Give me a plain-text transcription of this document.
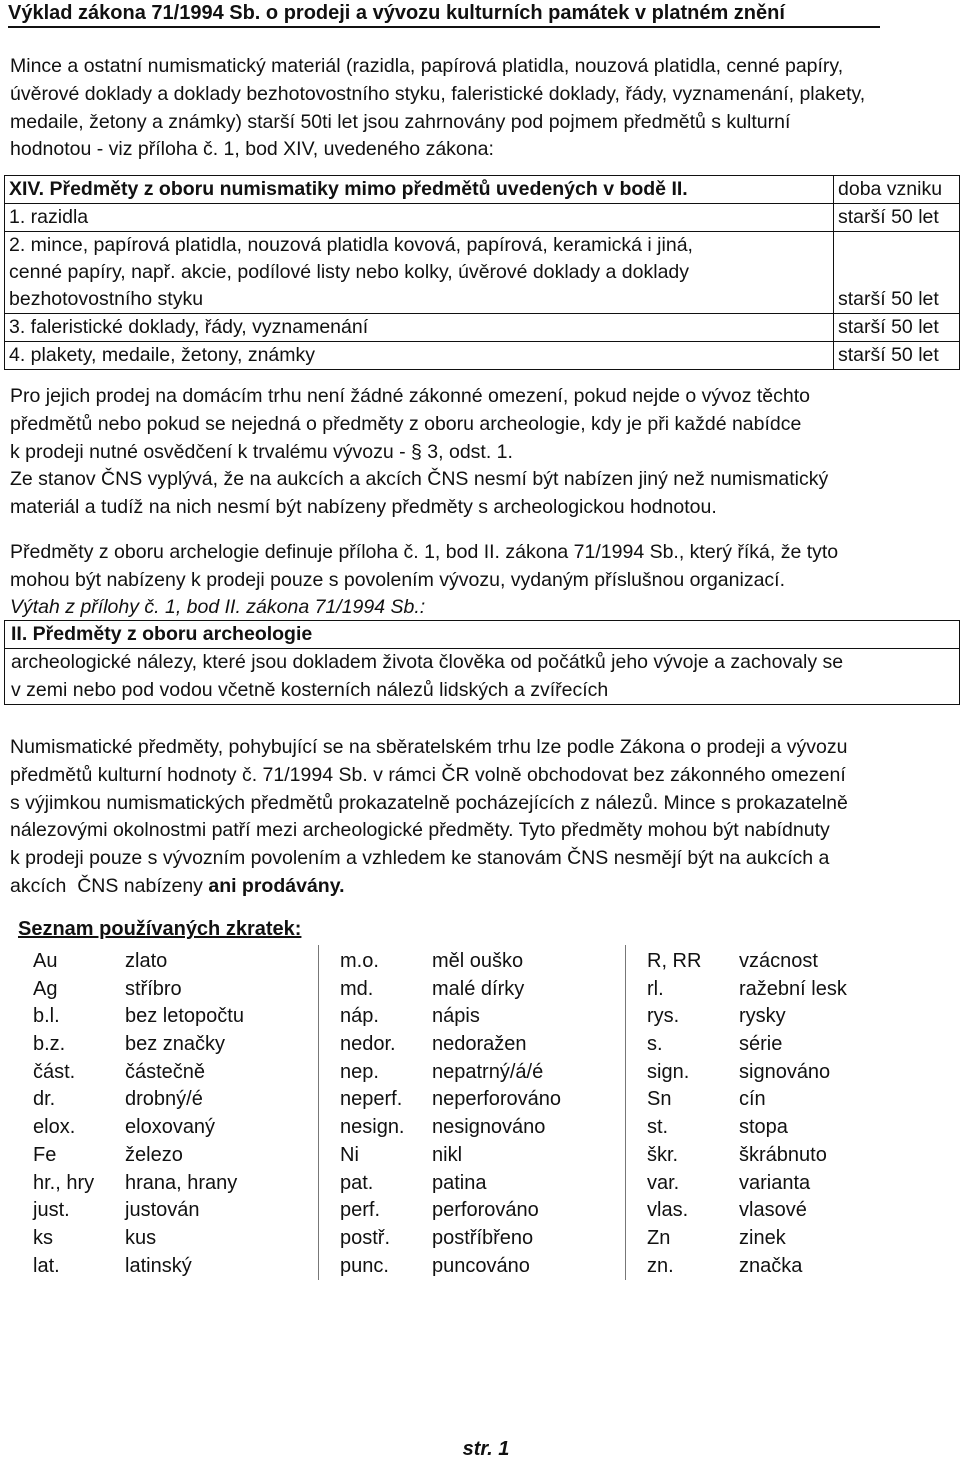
Výklad zákona 71/1994 Sb. o prodeji a vývozu kulturních památek v platném znění
Mince a ostatní numismatický materiál (razidla, papírová platidla, nouzová platidla, cenné papíry,
úvěrové doklady a doklady bezhotovostního styku, faleristické doklady, řády, vyznamenání, plakety,
medaile, žetony a známky) starší 50ti let jsou zahrnovány pod pojmem předmětů s kulturní
hodnotou - viz příloha č. 1, bod XIV, uvedeného zákona:
XIV. Předměty z oboru numismatiky mimo předmětů uvedených v bodě II.	doba vzniku

1. razidla	starší 50 let

2. mince, papírová platidla, nouzová platidla kovová, papírová, keramická i jiná,
cenné papíry, např. akcie, podílové listy nebo kolky, úvěrové doklady a doklady
bezhotovostního styku	starší 50 let

3. faleristické doklady, řády, vyznamenání	starší 50 let

4. plakety, medaile, žetony, známky	starší 50 let
Pro jejich prodej na domácím trhu není žádné zákonné omezení, pokud nejde o vývoz těchto
předmětů nebo pokud se nejedná o předměty z oboru archeologie, kdy je při každé nabídce
k prodeji nutné osvědčení k trvalému vývozu - § 3, odst. 1.
Ze stanov ČNS vyplývá, že na aukcích a akcích ČNS nesmí být nabízen jiný než numismatický
materiál a tudíž na nich nesmí být nabízeny předměty s archeologickou hodnotou.
Předměty z oboru archelogie definuje příloha č. 1, bod II. zákona 71/1994 Sb., který říká, že tyto
mohou být nabízeny k prodeji pouze s povolením vývozu, vydaným příslušnou organizací.
Výtah z přílohy č. 1, bod II. zákona 71/1994 Sb.:
II. Předměty z oboru archeologie
archeologické nálezy, které jsou dokladem života člověka od počátků jeho vývoje a zachovaly se
v zemi nebo pod vodou včetně kosterních nálezů lidských a zvířecích
Numismatické předměty, pohybující se na sběratelském trhu lze podle Zákona o prodeji a vývozu
předmětů kulturní hodnoty č. 71/1994 Sb. v rámci ČR volně obchodovat bez zákonného omezení
s výjimkou numismatických předmětů prokazatelně pocházejících z nálezů. Mince s prokazatelně
nálezovými okolnostmi patří mezi archeologické předměty. Tyto předměty mohou být nabídnuty
k prodeji pouze s vývozním povolením a vzhledem ke stanovám ČNS nesmějí být na aukcích a
akcích  ČNS nabízeny ani prodávány.
Seznam používaných zkratek:
Au	zlato
Ag	stříbro
b.l.	bez letopočtu
b.z.	bez značky
část. částečně
dr.	drobný/é
elox. eloxovaný
Fe	železo
hr., hry hrana, hrany
just.	justován
ks	kus
lat.	latinský
m.o.	měl ouško
md.	malé dírky
náp.	nápis
nedor. nedoražen
nep.	nepatrný/á/é
neperf. neperforováno
nesign. nesignováno
Ni	nikl
pat.	patina
perf.	perforováno
postř. postříbřeno
punc. puncováno
R, RR vzácnost
rl.	ražební lesk
rys.	rysky
s.	série
sign. signováno
Sn	cín
st.	stopa
škr.	škrábnuto
var.	varianta
vlas.	vlasové
Zn	zinek
zn.	značka
str. 1
